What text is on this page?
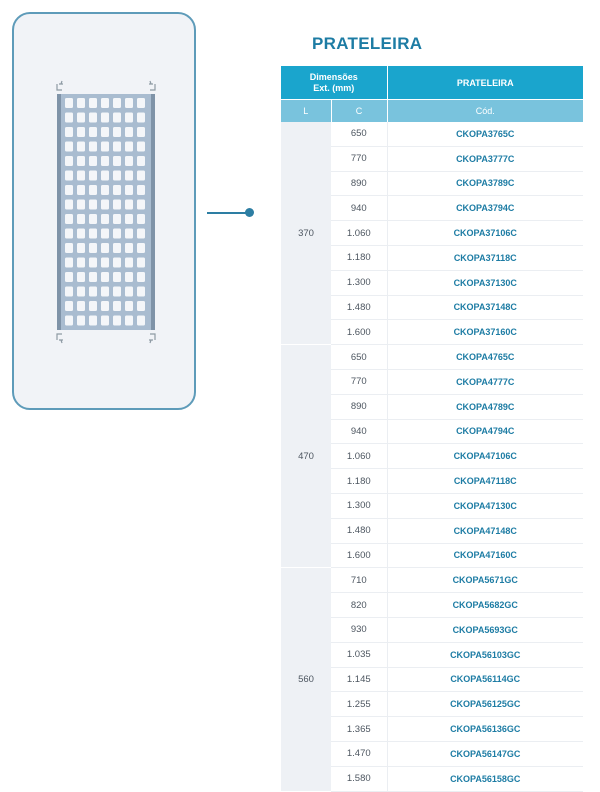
PRATELEIRA
Dimensões
Ext. (mm)		PRATELEIRA
L	C	Cód.
370	650	CKOPA3765C
	770	CKOPA3777C
	890	CKOPA3789C
	940	CKOPA3794C
	1.060	CKOPA37106C
	1.180	CKOPA37118C
	1.300	CKOPA37130C
	1.480	CKOPA37148C
	1.600	CKOPA37160C
470	650	CKOPA4765C
	770	CKOPA4777C
	890	CKOPA4789C
	940	CKOPA4794C
	1.060	CKOPA47106C
	1.180	CKOPA47118C
	1.300	CKOPA47130C
	1.480	CKOPA47148C
	1.600	CKOPA47160C
560	710	CKOPA5671GC
	820	CKOPA5682GC
	930	CKOPA5693GC
	1.035	CKOPA56103GC
	1.145	CKOPA56114GC
	1.255	CKOPA56125GC
	1.365	CKOPA56136GC
	1.470	CKOPA56147GC
	1.580	CKOPA56158GC
